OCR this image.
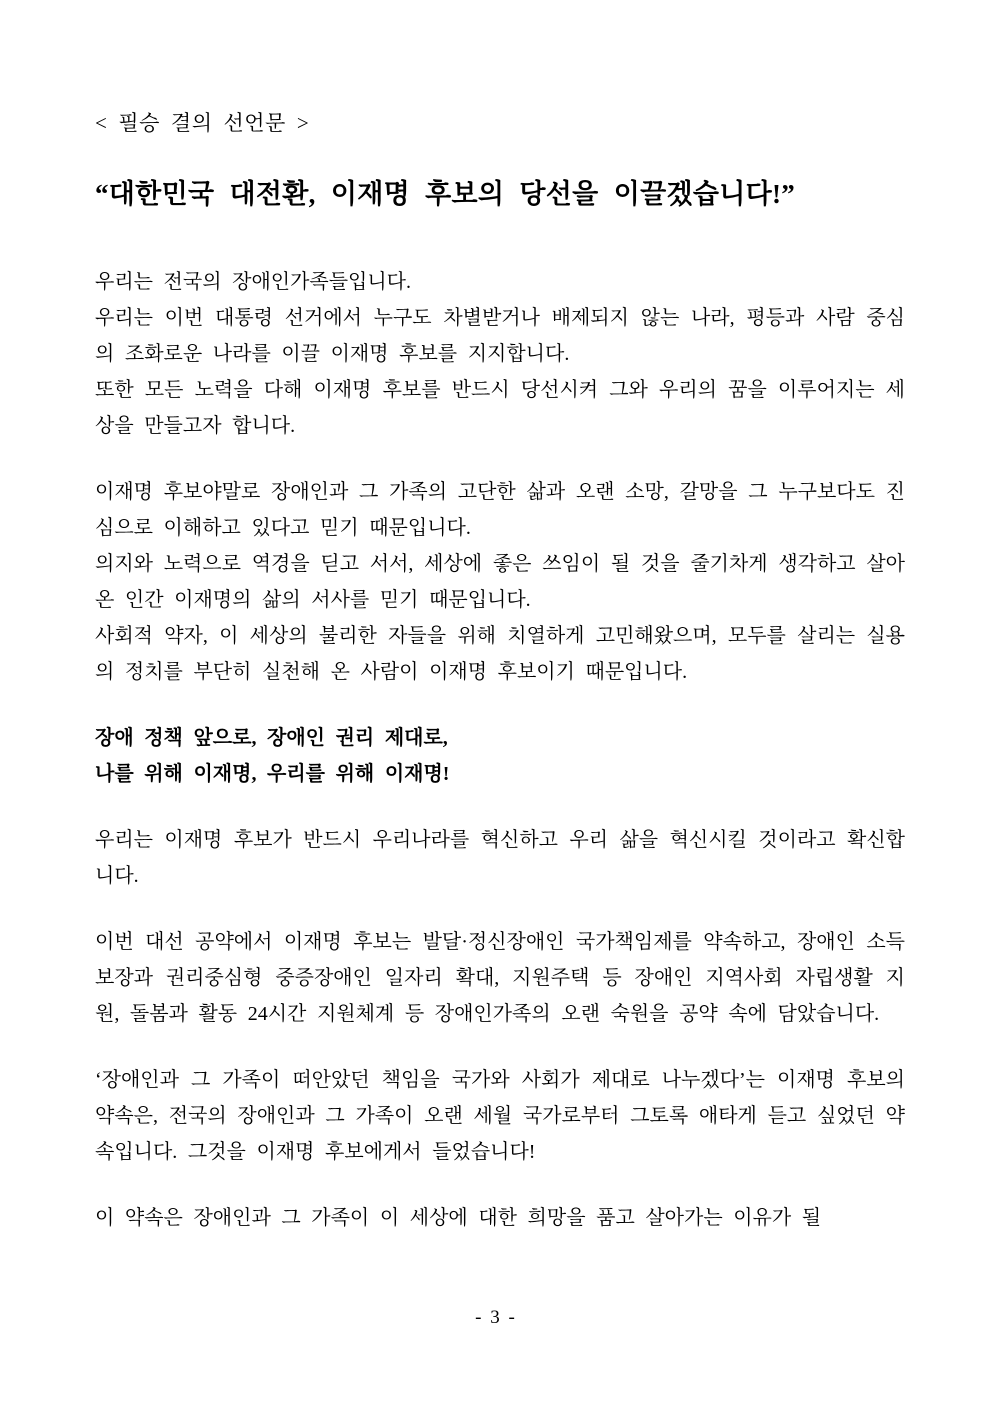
< 필승 결의 선언문 >
“대한민국 대전환, 이재명 후보의 당선을 이끌겠습니다!”
우리는 전국의 장애인가족들입니다.
우리는 이번 대통령 선거에서 누구도 차별받거나 배제되지 않는 나라, 평등과 사람 중심의 조화로운 나라를 이끌 이재명 후보를 지지합니다.
또한 모든 노력을 다해 이재명 후보를 반드시 당선시켜 그와 우리의 꿈을 이루어지는 세상을 만들고자 합니다.
이재명 후보야말로 장애인과 그 가족의 고단한 삶과 오랜 소망, 갈망을 그 누구보다도 진심으로 이해하고 있다고 믿기 때문입니다.
의지와 노력으로 역경을 딛고 서서, 세상에 좋은 쓰임이 될 것을 줄기차게 생각하고 살아온 인간 이재명의 삶의 서사를 믿기 때문입니다.
사회적 약자, 이 세상의 불리한 자들을 위해 치열하게 고민해왔으며, 모두를 살리는 실용의 정치를 부단히 실천해 온 사람이 이재명 후보이기 때문입니다.
장애 정책 앞으로, 장애인 권리 제대로,
나를 위해 이재명, 우리를 위해 이재명!
우리는 이재명 후보가 반드시 우리나라를 혁신하고 우리 삶을 혁신시킬 것이라고 확신합니다.
이번 대선 공약에서 이재명 후보는 발달·정신장애인 국가책임제를 약속하고, 장애인 소득보장과 권리중심형 중증장애인 일자리 확대, 지원주택 등 장애인 지역사회 자립생활 지원, 돌봄과 활동 24시간 지원체계 등 장애인가족의 오랜 숙원을 공약 속에 담았습니다.
‘장애인과 그 가족이 떠안았던 책임을 국가와 사회가 제대로 나누겠다’는 이재명 후보의 약속은, 전국의 장애인과 그 가족이 오랜 세월 국가로부터 그토록 애타게 듣고 싶었던 약속입니다. 그것을 이재명 후보에게서 들었습니다!
이 약속은 장애인과 그 가족이 이 세상에 대한 희망을 품고 살아가는 이유가 될
- 3 -
